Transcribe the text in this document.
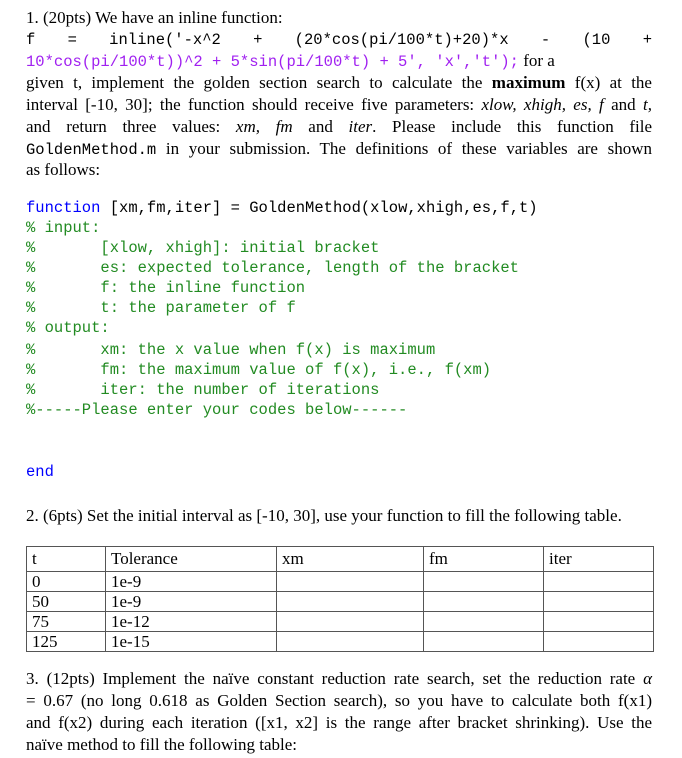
1. (20pts) We have an inline function:
f  =  inline('-x^2  +  (20*cos(pi/100*t)+20)*x  -  (10  +
10*cos(pi/100*t))^2 + 5*sin(pi/100*t) + 5', 'x','t'); for a
given t, implement the golden section search to calculate the maximum f(x) at the
interval [-10, 30]; the function should receive five parameters: xlow, xhigh, es, f and t,
and return three values: xm, fm and iter. Please include this function file
GoldenMethod.m in your submission. The definitions of these variables are shown
as follows:
function [xm,fm,iter] = GoldenMethod(xlow,xhigh,es,f,t)
% input:
%       [xlow, xhigh]: initial bracket
%       es: expected tolerance, length of the bracket
%       f: the inline function
%       t: the parameter of f
% output:
%       xm: the x value when f(x) is maximum
%       fm: the maximum value of f(x), i.e., f(xm)
%       iter: the number of iterations
%-----Please enter your codes below------
end
2. (6pts) Set the initial interval as [-10, 30], use your function to fill the following table.
t	Tolerance	xm	fm	iter
0	1e-9			
50	1e-9			
75	1e-12			
125	1e-15			
3. (12pts) Implement the naïve constant reduction rate search, set the reduction rate α
= 0.67 (no long 0.618 as Golden Section search), so you have to calculate both f(x1)
and f(x2) during each iteration ([x1, x2] is the range after bracket shrinking). Use the
naïve method to fill the following table:
